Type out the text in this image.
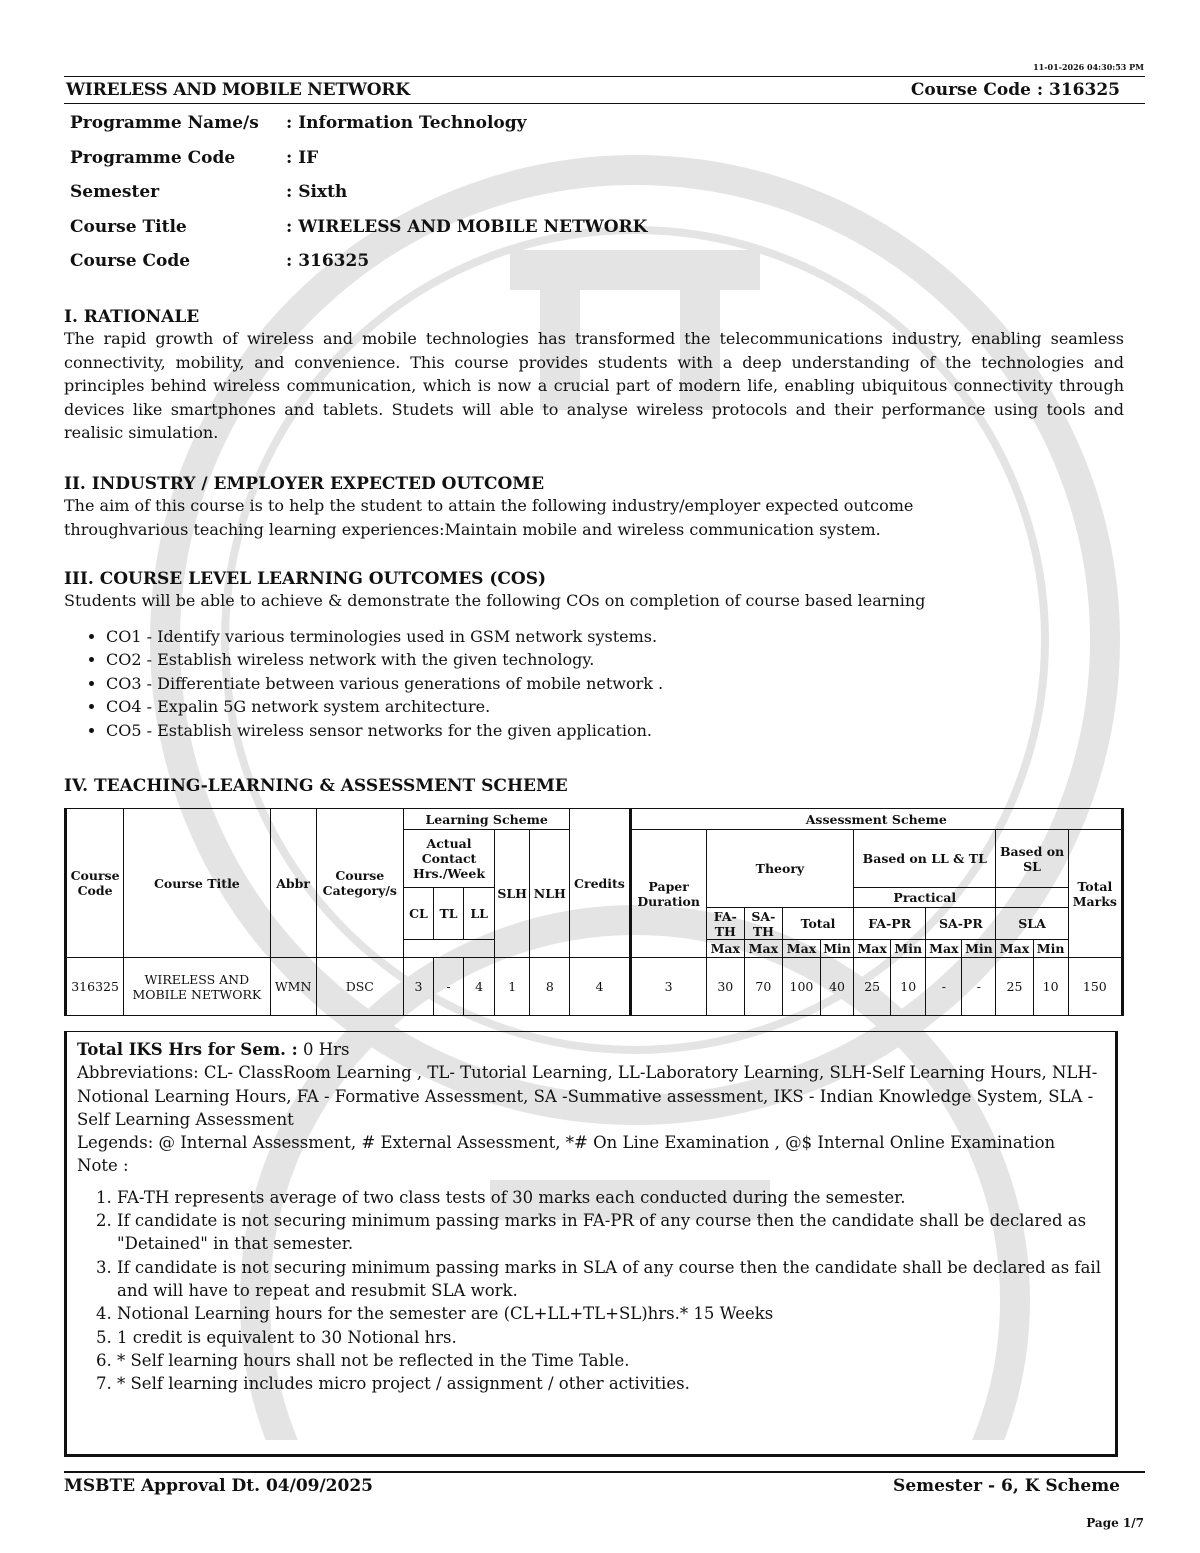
11-01-2026 04:30:53 PM
WIRELESS AND MOBILE NETWORK	Course Code : 316325
Programme Name/s	: Information Technology
Programme Code	: IF
Semester	: Sixth
Course Title	: WIRELESS AND MOBILE NETWORK
Course Code	: 316325
I. RATIONALE
The rapid growth of wireless and mobile technologies has transformed the telecommunications industry, enabling seamless connectivity, mobility, and convenience. This course provides students with a deep understanding of the technologies and principles behind wireless communication, which is now a crucial part of modern life, enabling ubiquitous connectivity through devices like smartphones and tablets. Studets will able to analyse wireless protocols and their performance using tools and realisic simulation.
II. INDUSTRY / EMPLOYER EXPECTED OUTCOME
The aim of this course is to help the student to attain the following industry/employer expected outcome
throughvarious teaching learning experiences:Maintain mobile and wireless communication system.
III. COURSE LEVEL LEARNING OUTCOMES (COS)
Students will be able to achieve & demonstrate the following COs on completion of course based learning
• CO1 - Identify various terminologies used in GSM network systems.
• CO2 - Establish wireless network with the given technology.
• CO3 - Differentiate between various generations of mobile network .
• CO4 - Expalin 5G network system architecture.
• CO5 - Establish wireless sensor networks for the given application.
IV. TEACHING-LEARNING & ASSESSMENT SCHEME
Course Code	Course Title	Abbr	Course Category/s	Learning Scheme					Credits	Assessment Scheme											
				Actual Contact Hrs./Week			SLH	NLH		Paper Duration	Theory				Based on LL & TL				Based on SL		Total Marks
				CL	TL	LL									Practical						
											FA-TH	SA-TH	Total		FA-PR		SA-PR		SLA		
											Max	Max	Max	Min	Max	Min	Max	Min	Max	Min	
316325	WIRELESS AND MOBILE NETWORK	WMN	DSC	3	-	4	1	8	4	3	30	70	100	40	25	10	-	-	25	10	150
Total IKS Hrs for Sem. : 0 Hrs
Abbreviations: CL- ClassRoom Learning , TL- Tutorial Learning, LL-Laboratory Learning, SLH-Self Learning Hours, NLH-Notional Learning Hours, FA - Formative Assessment, SA -Summative assessment, IKS - Indian Knowledge System, SLA - Self Learning Assessment
Legends: @ Internal Assessment, # External Assessment, *# On Line Examination , @$ Internal Online Examination
Note :
1. FA-TH represents average of two class tests of 30 marks each conducted during the semester.
2. If candidate is not securing minimum passing marks in FA-PR of any course then the candidate shall be declared as "Detained" in that semester.
3. If candidate is not securing minimum passing marks in SLA of any course then the candidate shall be declared as fail and will have to repeat and resubmit SLA work.
4. Notional Learning hours for the semester are (CL+LL+TL+SL)hrs.* 15 Weeks
5. 1 credit is equivalent to 30 Notional hrs.
6. * Self learning hours shall not be reflected in the Time Table.
7. * Self learning includes micro project / assignment / other activities.
MSBTE Approval Dt. 04/09/2025	Semester - 6, K Scheme
Page 1/7
